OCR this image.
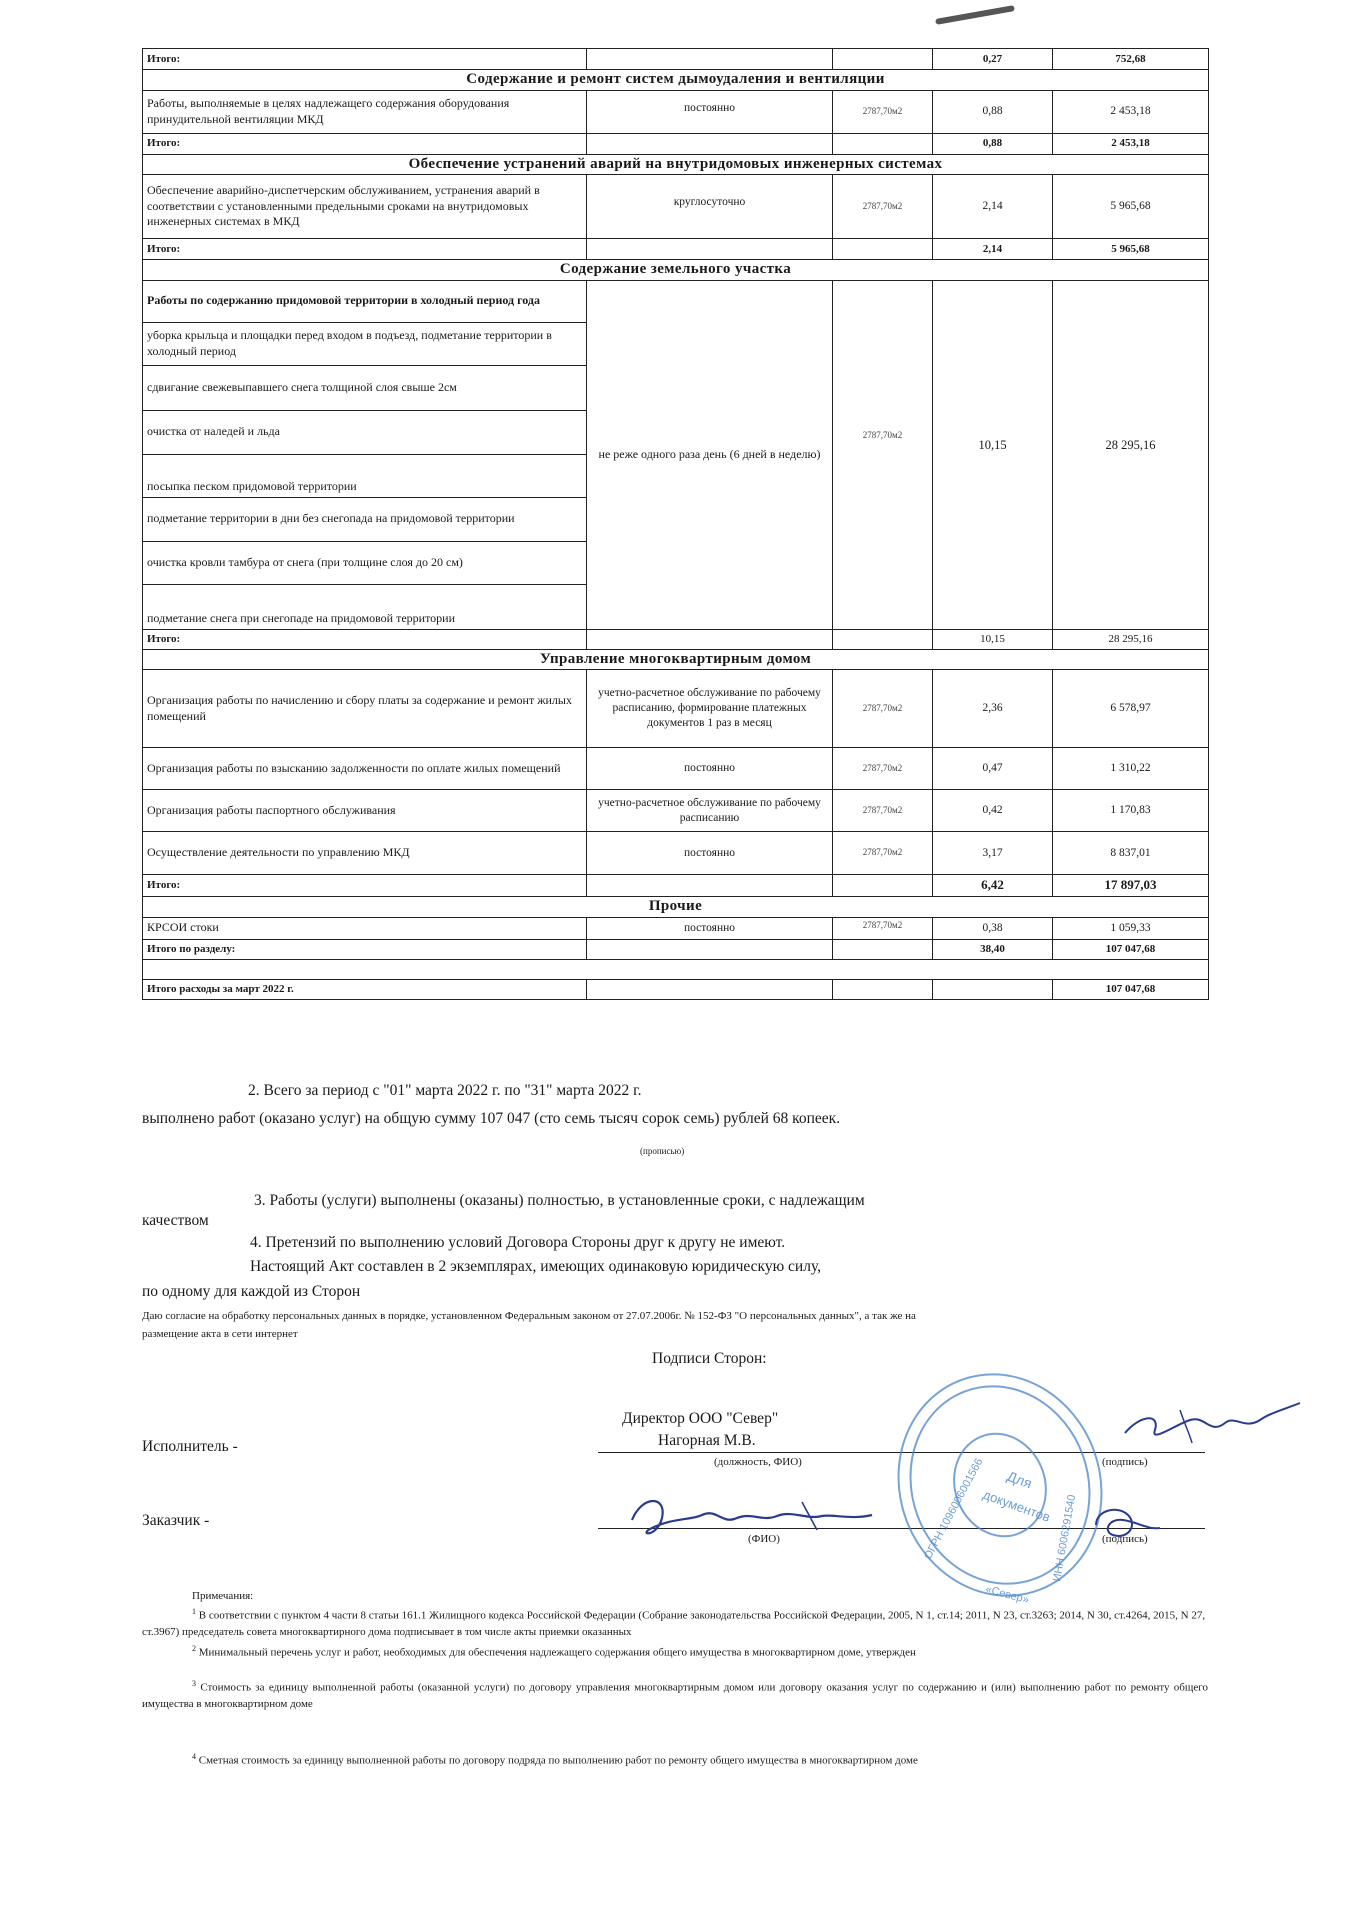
Итого:			0,27	752,68
Содержание и ремонт систем дымоудаления и вентиляции				
Работы, выполняемые в целях надлежащего содержания оборудования принудительной вентиляции МКД	постоянно	2787,70м2	0,88	2 453,18
Итого:			0,88	2 453,18
Обеспечение устранений аварий на внутридомовых инженерных системах				
Обеспечение аварийно-диспетчерским обслуживанием, устранения аварий в соответствии с установленными предельными сроками на внутридомовых инженерных системах в МКД	круглосуточно	2787,70м2	2,14	5 965,68
Итого:			2,14	5 965,68
Содержание земельного участка				
Работы по содержанию придомовой территории в холодный период года	не реже одного раза день (6 дней в неделю)	2787,70м2	10,15	28 295,16
уборка крыльца и площадки перед входом в подъезд, подметание территории в холодный период				
сдвигание свежевыпавшего снега толщиной слоя свыше 2см				
очистка от наледей и льда				
посыпка песком придомовой территории				
подметание территории в дни без снегопада на придомовой территории				
очистка кровли тамбура от снега (при толщине слоя до 20 см)				
подметание снега при снегопаде на придомовой территории				
Итого:			10,15	28 295,16
Управление многоквартирным домом				
Организация работы по начислению и сбору платы за содержание и ремонт жилых помещений	учетно-расчетное обслуживание по рабочему расписанию, формирование платежных документов 1 раз в месяц	2787,70м2	2,36	6 578,97
Организация работы по взысканию задолженности по оплате жилых помещений	постоянно	2787,70м2	0,47	1 310,22
Организация работы паспортного обслуживания	учетно-расчетное обслуживание по рабочему расписанию	2787,70м2	0,42	1 170,83
Осуществление деятельности по управлению МКД	постоянно	2787,70м2	3,17	8 837,01
Итого:			6,42	17 897,03
Прочие				
КРСОИ стоки	постоянно	2787,70м2	0,38	1 059,33
Итого по разделу:			38,40	107 047,68

Итого расходы за март 2022 г.				107 047,68
2. Всего за период с "01" марта 2022 г. по "31" марта 2022 г.
выполнено работ (оказано услуг) на общую сумму 107 047 (сто семь тысяч сорок семь) рублей 68 копеек.
(прописью)
3. Работы (услуги) выполнены (оказаны) полностью, в установленные сроки, с надлежащим
качеством
4. Претензий по выполнению условий Договора Стороны друг к другу не имеют.
Настоящий Акт составлен в 2 экземплярах, имеющих одинаковую юридическую силу,
по одному для каждой из Сторон
Даю согласие на обработку персональных данных в порядке, установленном Федеральным законом от 27.07.2006г. № 152-ФЗ "О персональных данных", а так же на
размещение акта в сети интернет
Подписи Сторон:
Директор ООО "Север"
Исполнитель -	Нагорная М.В.
(должность, ФИО)	(подпись)
Заказчик -
(ФИО)	(подпись)
Для
документов
ОГРН 1096006001566	ИНН 6006291540
«Север»
Примечания:
$^1$ В соответствии с пунктом 4 части 8 статьи 161.1 Жилищного кодекса Российской Федерации (Собрание законодательства Российской Федерации, 2005, N 1, ст.14; 2011, N 23, ст.3263; 2014, N 30, ст.4264, 2015, N 27, ст.3967) председатель совета многоквартирного дома подписывает в том числе акты приемки оказанных
$^2$ Минимальный перечень услуг и работ, необходимых для обеспечения надлежащего содержания общего имущества в многоквартирном доме, утвержден
$^3$ Стоимость за единицу выполненной работы (оказанной услуги) по договору управления многоквартирным домом или договору оказания услуг по содержанию и (или) выполнению работ по ремонту общего имущества в многоквартирном доме
$^4$ Сметная стоимость за единицу выполненной работы по договору подряда по выполнению работ по ремонту общего имущества в многоквартирном доме
